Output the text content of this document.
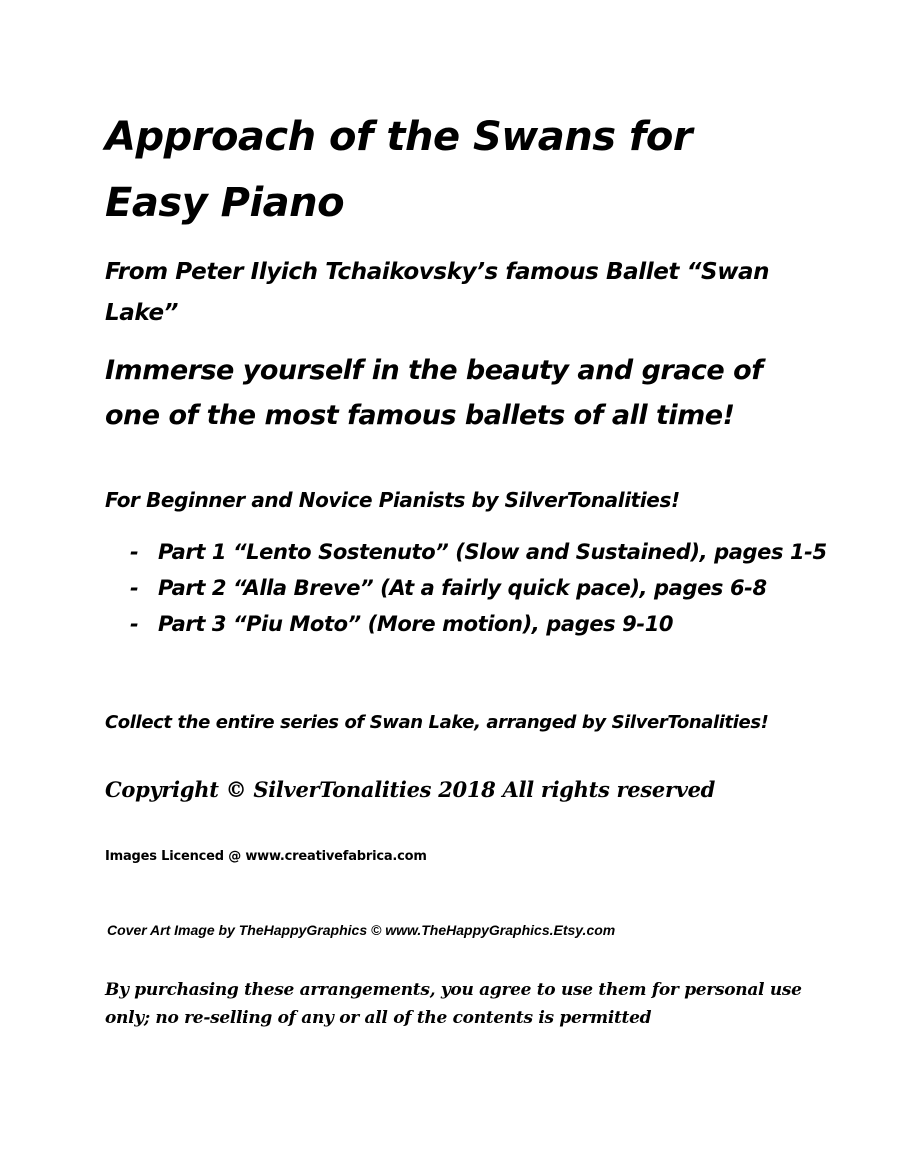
Approach of the Swans for Easy Piano
From Peter Ilyich Tchaikovsky’s famous Ballet “Swan Lake”
Immerse yourself in the beauty and grace of one of the most famous ballets of all time!
For Beginner and Novice Pianists by SilverTonalities!
- Part 1 “Lento Sostenuto” (Slow and Sustained), pages 1-5
- Part 2 “Alla Breve” (At a fairly quick pace), pages 6-8
- Part 3 “Piu Moto” (More motion), pages 9-10
Collect the entire series of Swan Lake, arranged by SilverTonalities!
Copyright © SilverTonalities 2018 All rights reserved
Images Licenced @ www.creativefabrica.com
Cover Art Image by TheHappyGraphics © www.TheHappyGraphics.Etsy.com
By purchasing these arrangements, you agree to use them for personal use only; no re-selling of any or all of the contents is permitted
